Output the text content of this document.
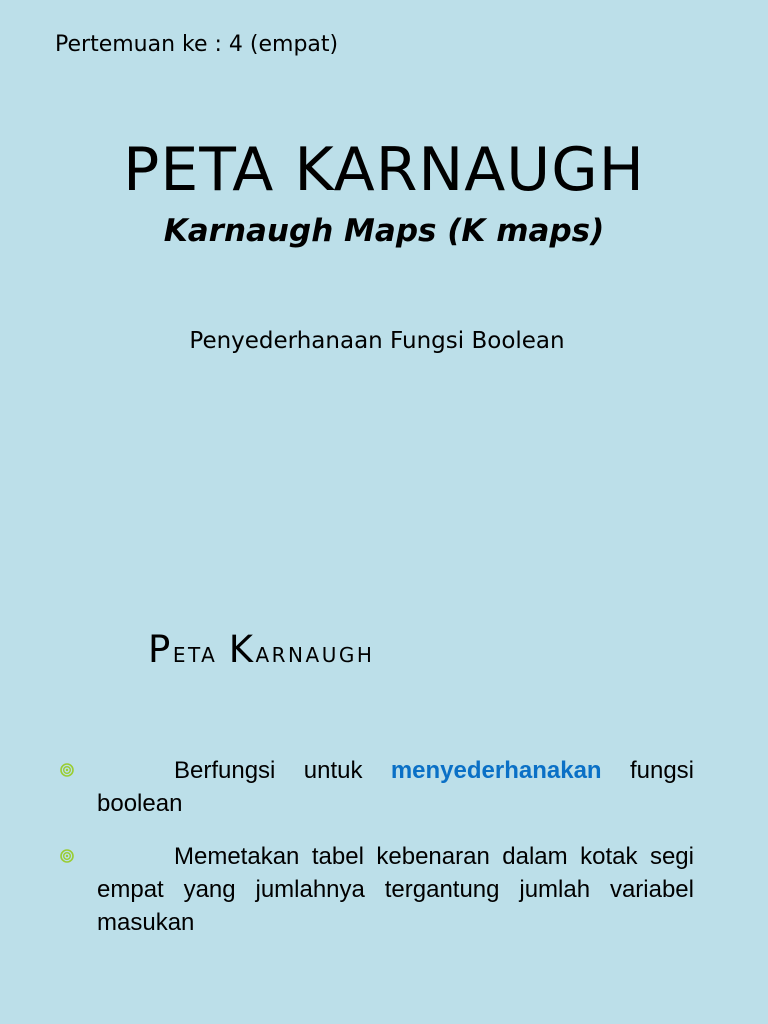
Pertemuan ke : 4 (empat)
PETA KARNAUGH
Karnaugh Maps (K maps)
Penyederhanaan Fungsi Boolean
Peta Karnaugh
Berfungsi untuk menyederhanakan fungsi boolean
Memetakan tabel kebenaran dalam kotak segi empat yang jumlahnya tergantung jumlah variabel masukan
